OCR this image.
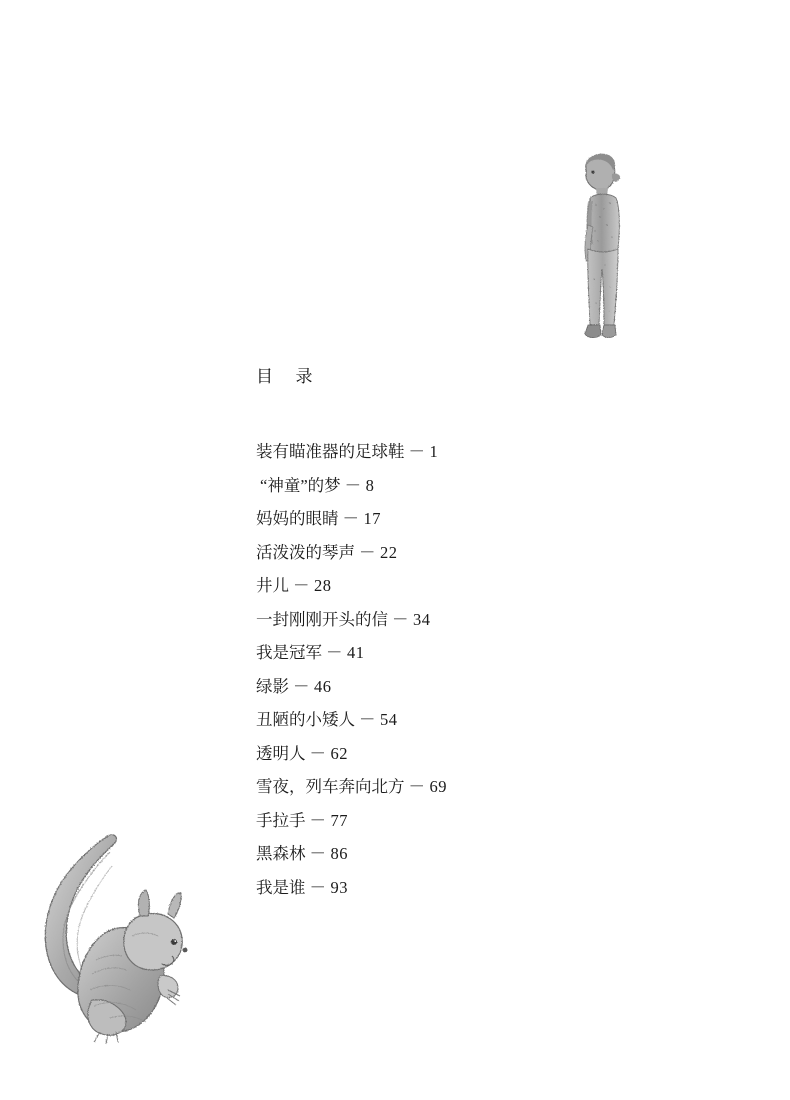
目 录
装有瞄准器的足球鞋 － 1
“神童”的梦 － 8
妈妈的眼睛 － 17
活泼泼的琴声 － 22
井儿 － 28
一封刚刚开头的信 － 34
我是冠军 － 41
绿影 － 46
丑陋的小矮人 － 54
透明人 － 62
雪夜，列车奔向北方 － 69
手拉手 － 77
黑森林 － 86
我是谁 － 93
